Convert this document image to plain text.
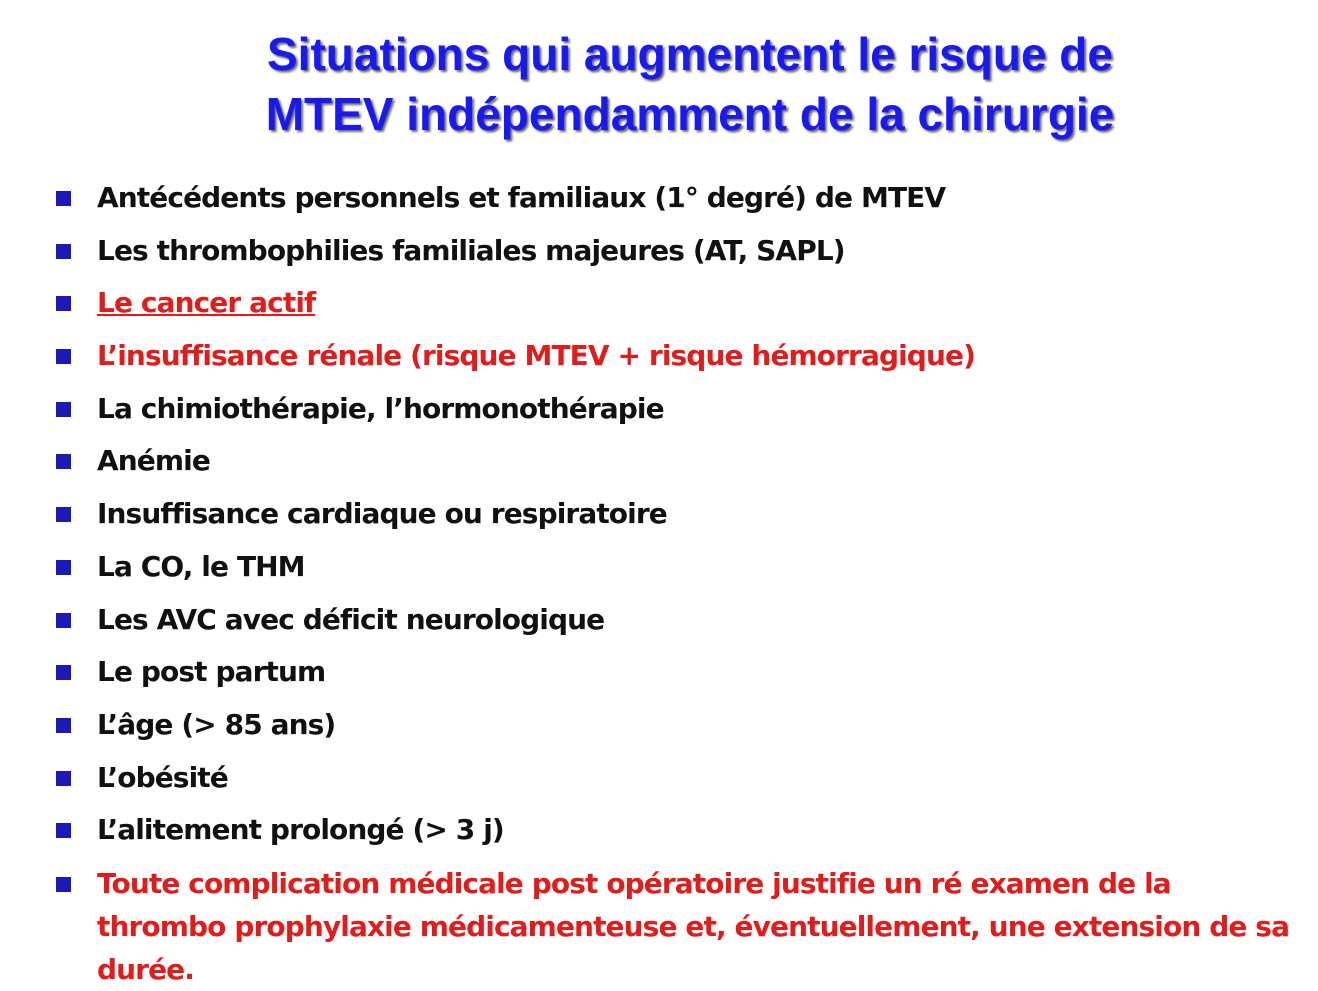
Situations qui augmentent le risque de
MTEV indépendamment de la chirurgie
Antécédents personnels et familiaux (1° degré) de MTEV
Les thrombophilies familiales majeures (AT, SAPL)
Le cancer actif
L’insuffisance rénale (risque MTEV + risque hémorragique)
La chimiothérapie, l’hormonothérapie
Anémie
Insuffisance cardiaque ou respiratoire
La CO, le THM
Les AVC avec déficit neurologique
Le post partum
L’âge (> 85 ans)
L’obésité
L’alitement prolongé (> 3 j)
Toute complication médicale post opératoire justifie un ré examen de la thrombo prophylaxie médicamenteuse et, éventuellement, une extension de sa durée.
